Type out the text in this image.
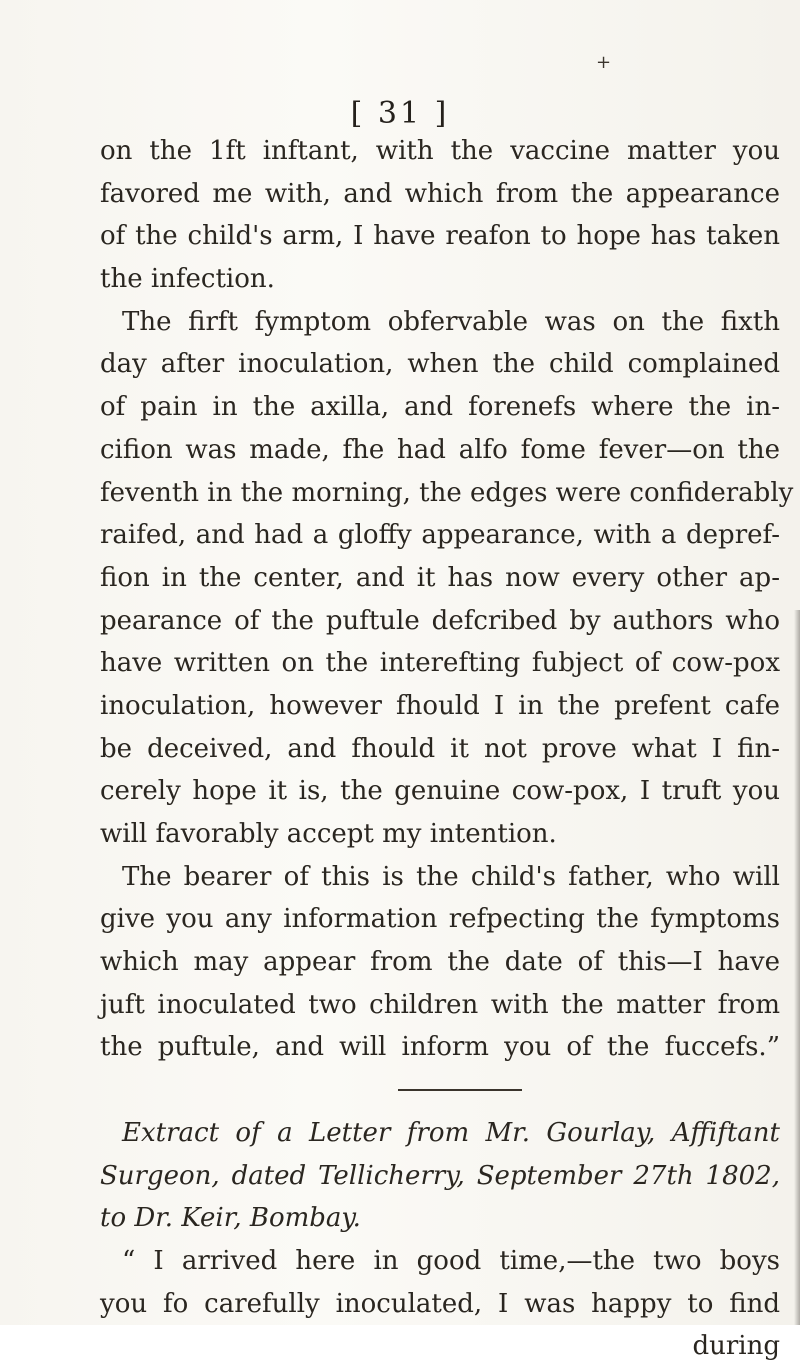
+
[ 31 ]
on the 1ft inftant, with the vaccine matter you
favored me with, and which from the appearance
of the child's arm, I have reafon to hope has taken
the infection.
The firft fymptom obfervable was on the fixth
day after inoculation, when the child complained
of pain in the axilla, and forenefs where the in-
cifion was made, fhe had alfo fome fever—on the
feventh in the morning, the edges were confiderably
raifed, and had a gloffy appearance, with a depref-
fion in the center, and it has now every other ap-
pearance of the puftule defcribed by authors who
have written on the interefting fubject of cow-pox
inoculation, however fhould I in the prefent cafe
be deceived, and fhould it not prove what I fin-
cerely hope it is, the genuine cow-pox, I truft you
will favorably accept my intention.
The bearer of this is the child's father, who will
give you any information refpecting the fymptoms
which may appear from the date of this—I have
juft inoculated two children with the matter from
the puftule, and will inform you of the fuccefs.”
Extract of a Letter from Mr. Gourlay, Affiftant
Surgeon, dated Tellicherry, September 27th 1802,
to Dr. Keir, Bombay.
“ I arrived here in good time,—the two boys
you fo carefully inoculated, I was happy to find
during
